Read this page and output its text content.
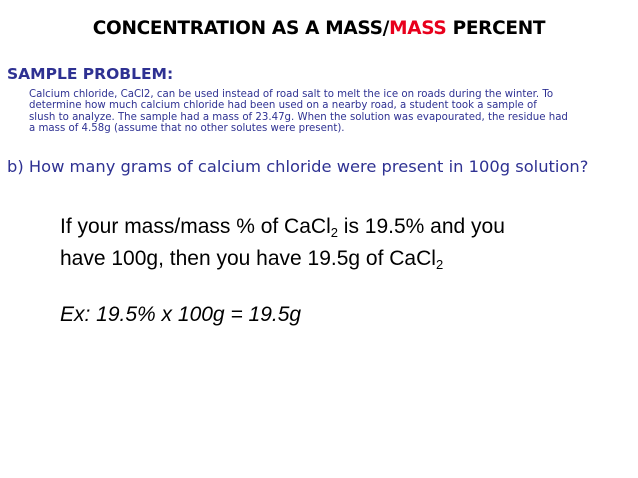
CONCENTRATION AS A MASS/MASS PERCENT
SAMPLE PROBLEM:
Calcium chloride, CaCl2, can be used instead of road salt to melt the ice on roads during the winter. To
determine how much calcium chloride had been used on a nearby road, a student took a sample of
slush to analyze. The sample had a mass of 23.47g. When the solution was evapourated, the residue had
a mass of 4.58g (assume that no other solutes were present).
b) How many grams of calcium chloride were present in 100g solution?
If your mass/mass % of CaCl$_2$ is 19.5% and you
have 100g, then you have 19.5g of CaCl$_2$
Ex: 19.5% x 100g = 19.5g
